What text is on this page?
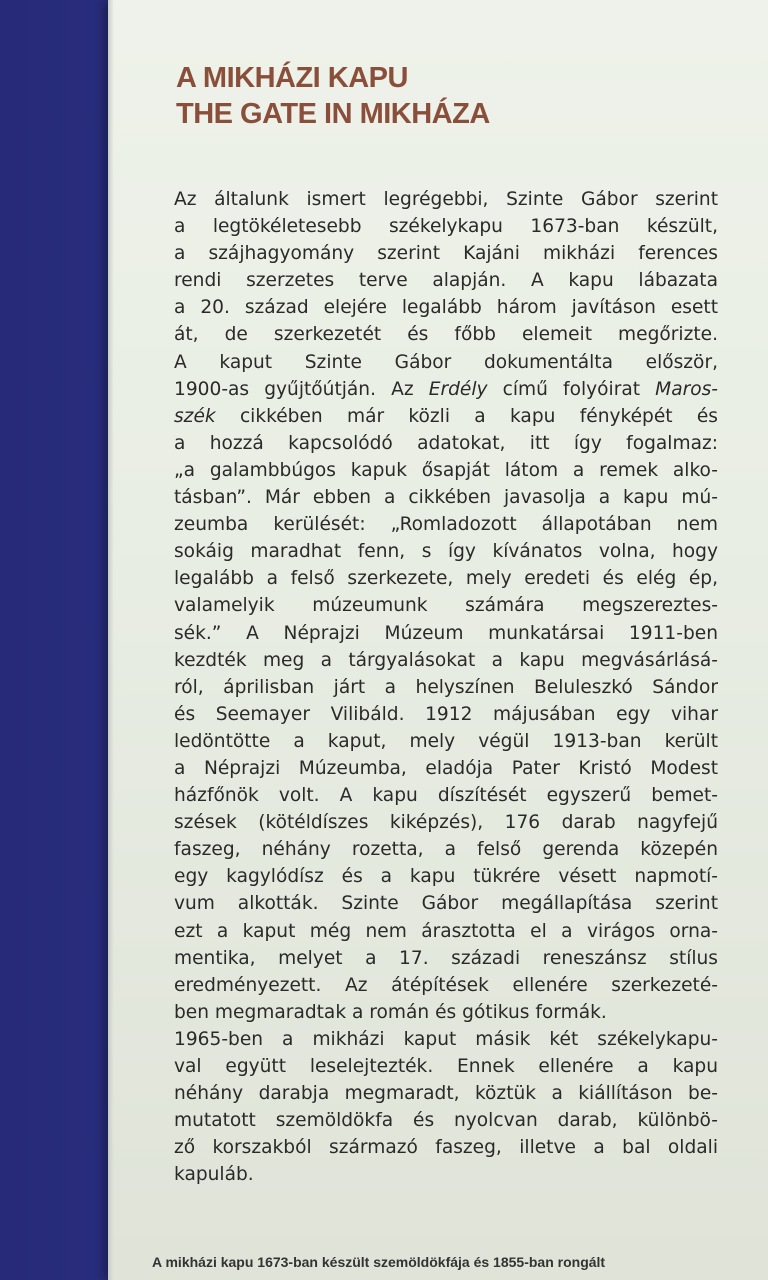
A MIKHÁZI KAPU
THE GATE IN MIKHÁZA
Az általunk ismert legrégebbi, Szinte Gábor szerint
a legtökéletesebb székelykapu 1673-ban készült,
a szájhagyomány szerint Kajáni mikházi ferences
rendi szerzetes terve alapján. A kapu lábazata
a 20. század elejére legalább három javításon esett
át, de szerkezetét és főbb elemeit megőrizte.
A kaput Szinte Gábor dokumentálta először,
1900-as gyűjtőútján. Az Erdély című folyóirat Maros-
szék cikkében már közli a kapu fényképét és
a hozzá kapcsolódó adatokat, itt így fogalmaz:
„a galambbúgos kapuk ősapját látom a remek alko-
tásban”. Már ebben a cikkében javasolja a kapu mú-
zeumba kerülését: „Romladozott állapotában nem
sokáig maradhat fenn, s így kívánatos volna, hogy
legalább a felső szerkezete, mely eredeti és elég ép,
valamelyik múzeumunk számára megszereztes-
sék.” A Néprajzi Múzeum munkatársai 1911-ben
kezdték meg a tárgyalásokat a kapu megvásárlásá-
ról, áprilisban járt a helyszínen Beluleszkó Sándor
és Seemayer Vilibáld. 1912 májusában egy vihar
ledöntötte a kaput, mely végül 1913-ban került
a Néprajzi Múzeumba, eladója Pater Kristó Modest
házfőnök volt. A kapu díszítését egyszerű bemet-
szések (kötéldíszes kiképzés), 176 darab nagyfejű
faszeg, néhány rozetta, a felső gerenda közepén
egy kagylódísz és a kapu tükrére vésett napmotí-
vum alkották. Szinte Gábor megállapítása szerint
ezt a kaput még nem árasztotta el a virágos orna-
mentika, melyet a 17. századi reneszánsz stílus
eredményezett. Az átépítések ellenére szerkezeté-
ben megmaradtak a román és gótikus formák.
1965-ben a mikházi kaput másik két székelykapu-
val együtt leselejtezték. Ennek ellenére a kapu
néhány darabja megmaradt, köztük a kiállításon be-
mutatott szemöldökfa és nyolcvan darab, különbö-
ző korszakból származó faszeg, illetve a bal oldali
kapuláb.
A mikházi kapu 1673-ban készült szemöldökfája és 1855-ban rongált
